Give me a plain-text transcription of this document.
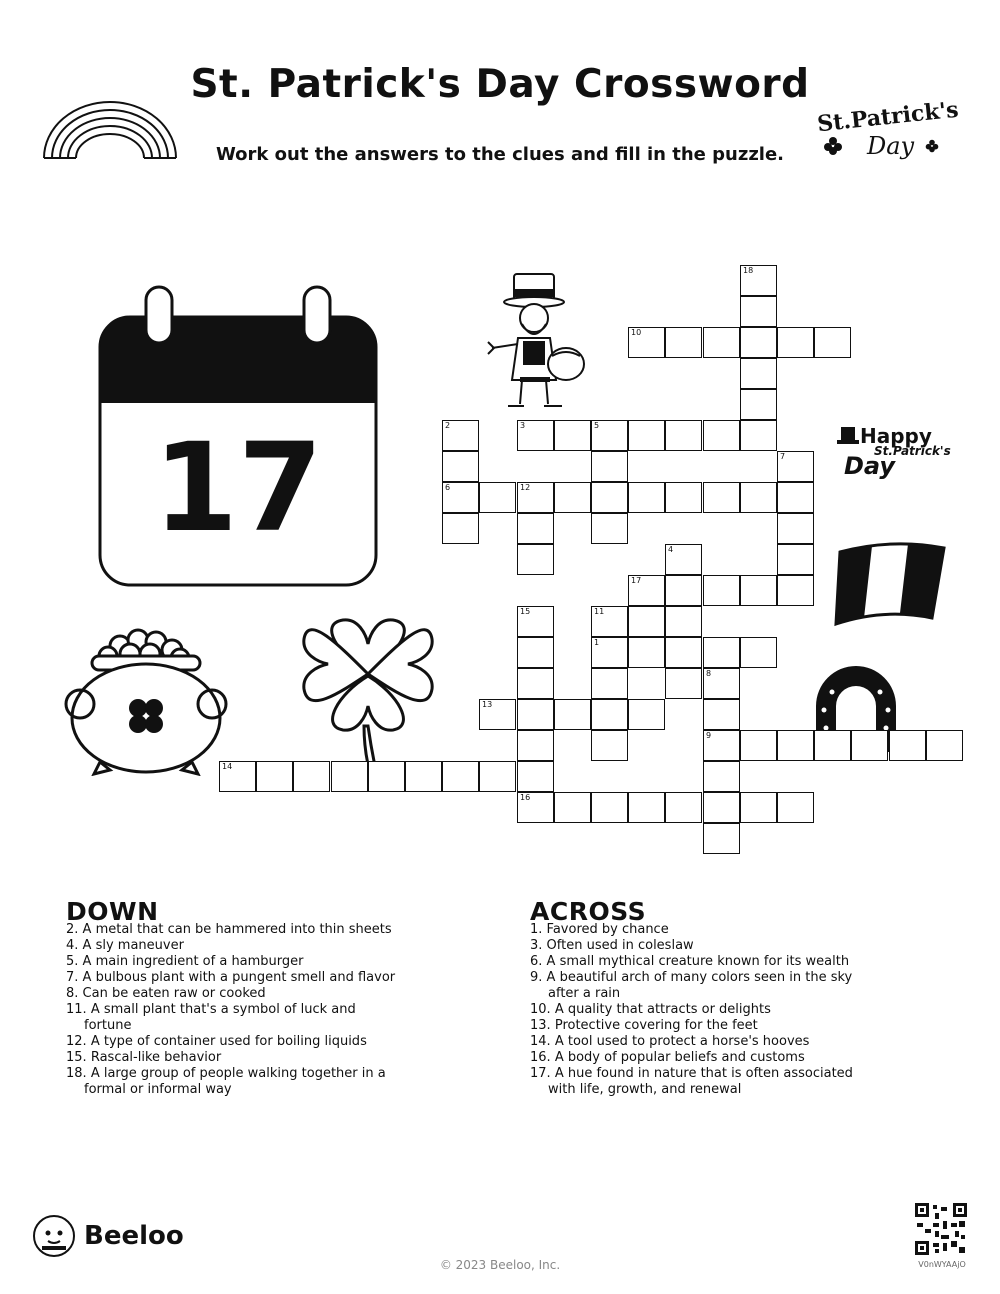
St. Patrick's Day Crossword

Work out the answers to the clues and fill in the puzzle.

St.Patrick's
Day
17	Happy
St.Patrick's
Day
18
10
2	3	5
7
6	12
4
17
15	11
1
8
13
9
14
16
DOWN
2. A metal that can be hammered into thin sheets
4. A sly maneuver
5. A main ingredient of a hamburger
7. A bulbous plant with a pungent smell and flavor
8. Can be eaten raw or cooked
11. A small plant that's a symbol of luck and fortune
12. A type of container used for boiling liquids
15. Rascal-like behavior
18. A large group of people walking together in a formal or informal way
ACROSS
1. Favored by chance
3. Often used in coleslaw
6. A small mythical creature known for its wealth
9. A beautiful arch of many colors seen in the sky after a rain
10. A quality that attracts or delights
13. Protective covering for the feet
14. A tool used to protect a horse's hooves
16. A body of popular beliefs and customs
17. A hue found in nature that is often associated with life, growth, and renewal
Beeloo
© 2023 Beeloo, Inc.	V0nWYAAjO
